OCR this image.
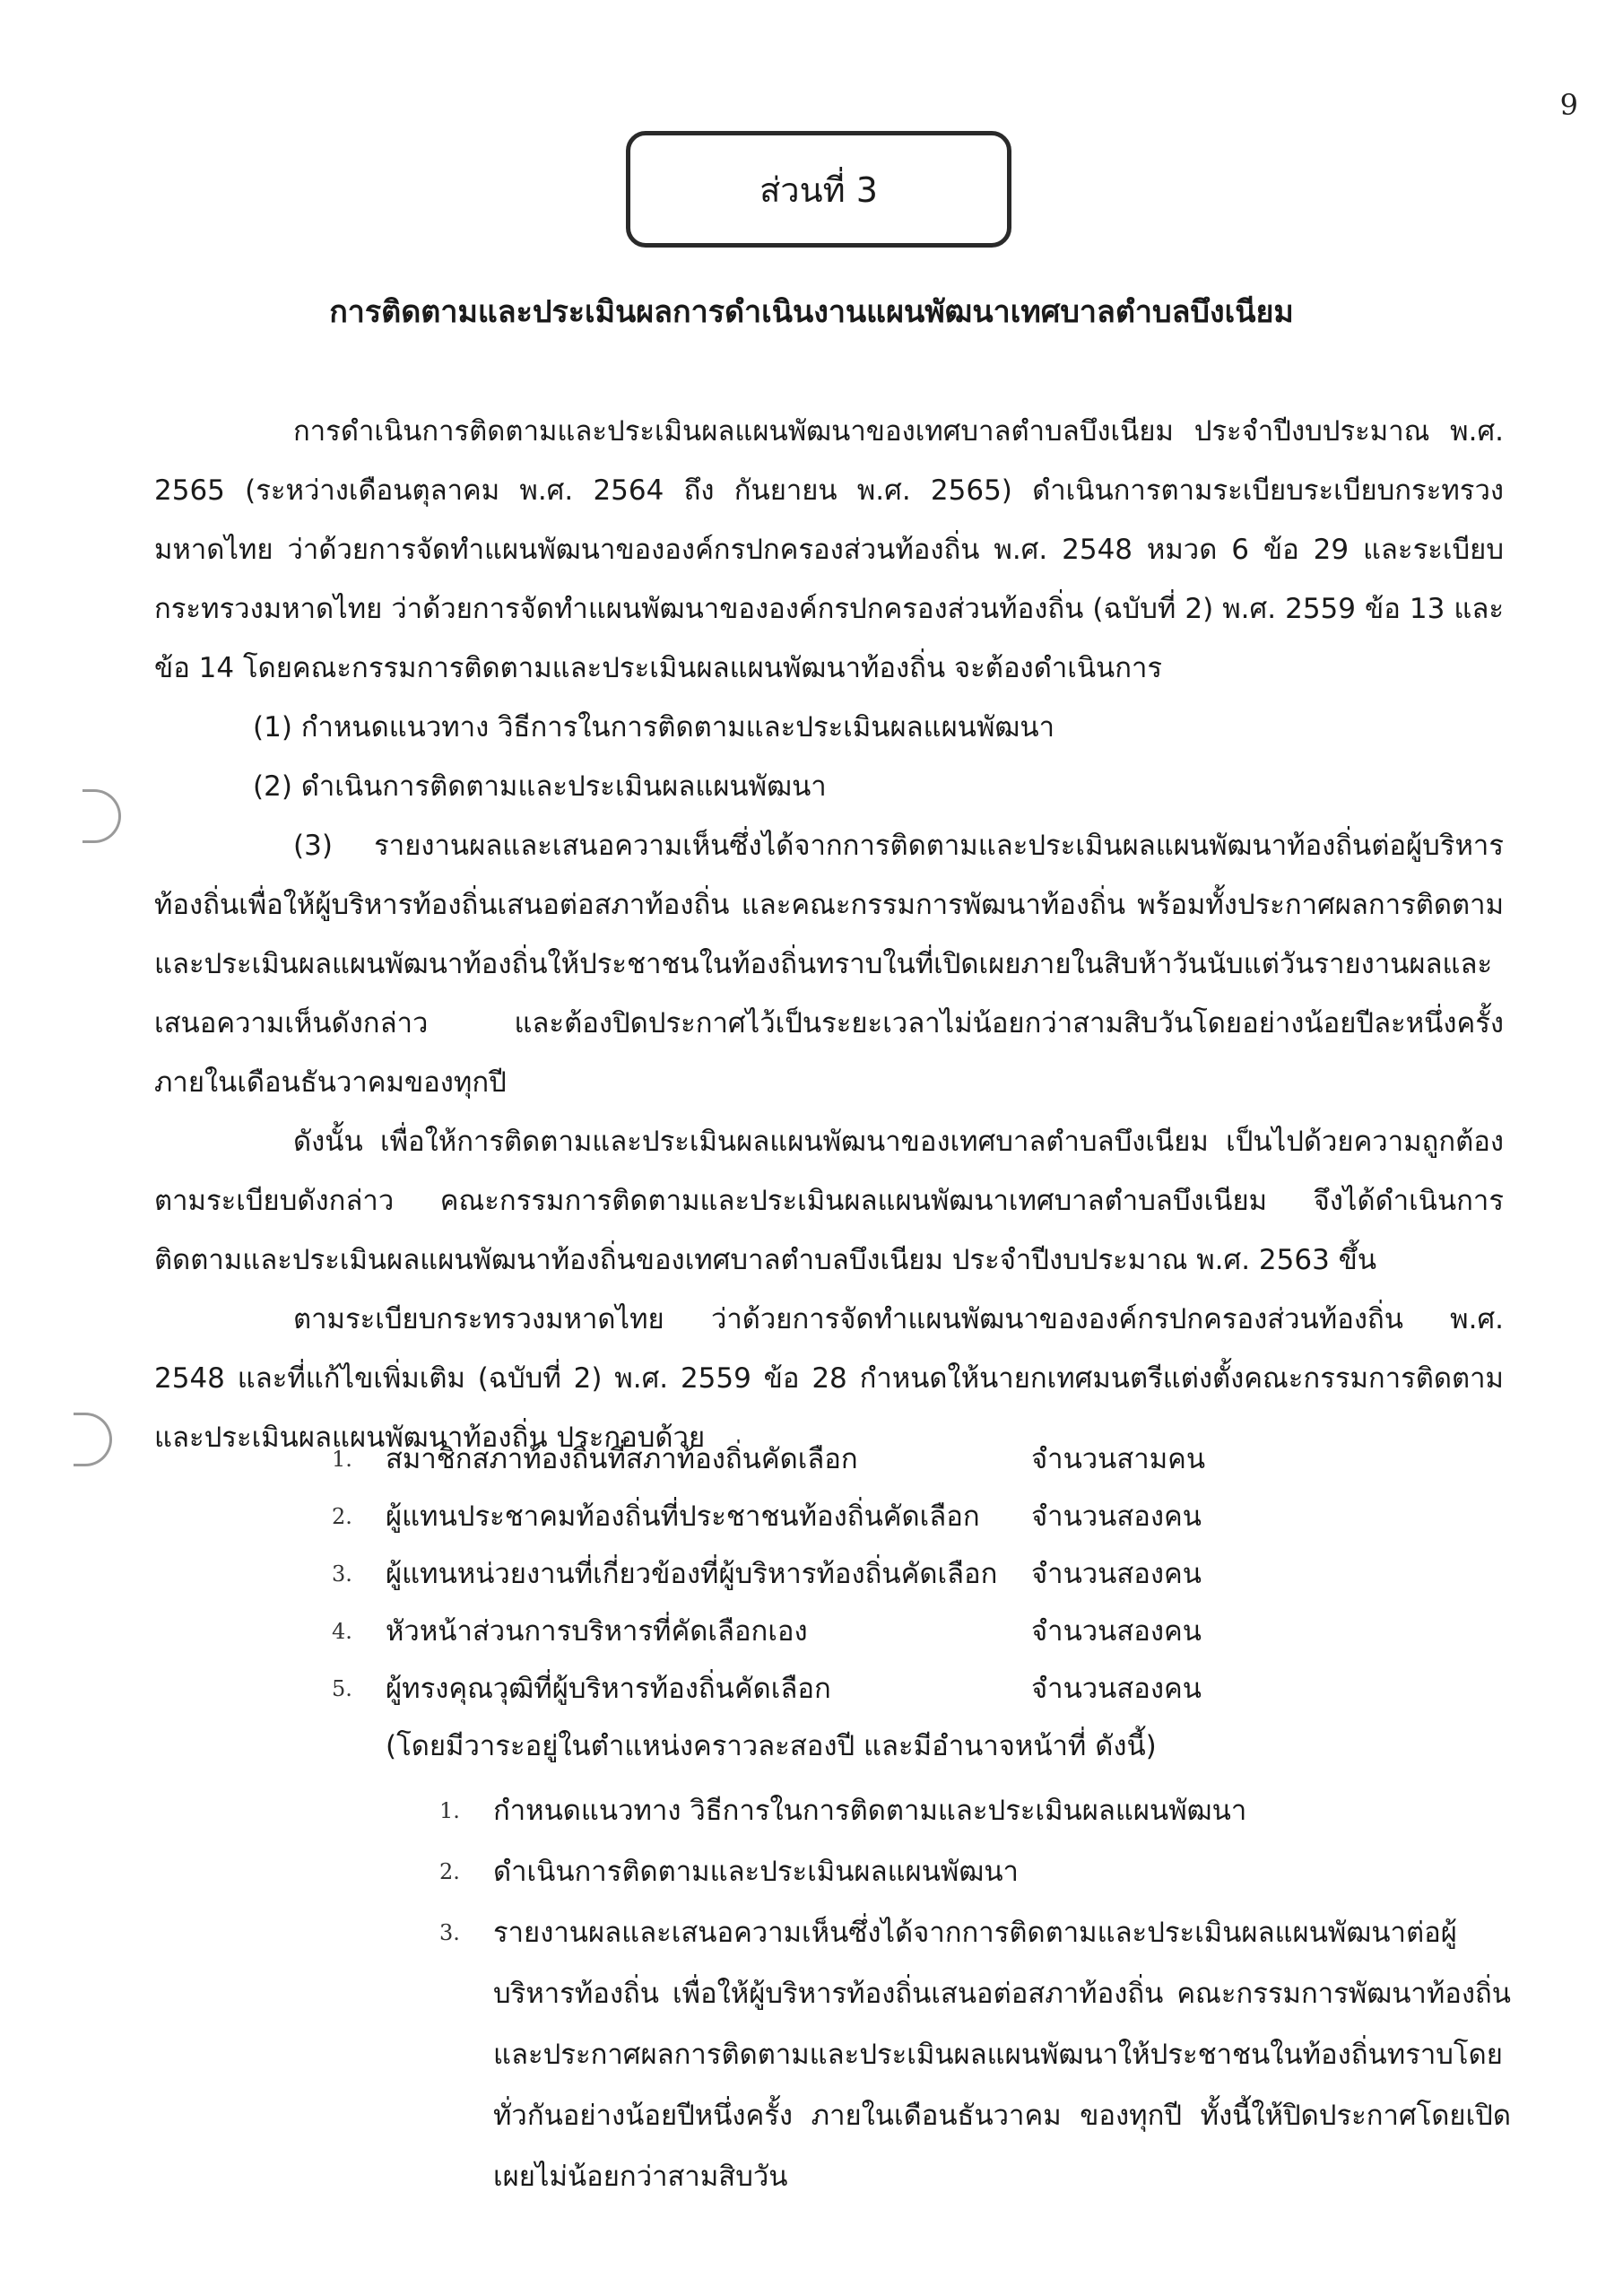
9
ส่วนที่ 3
การติดตามและประเมินผลการดำเนินงานแผนพัฒนาเทศบาลตำบลบึงเนียม

การดำเนินการติดตามและประเมินผลแผนพัฒนาของเทศบาลตำบลบึงเนียม ประจำปีงบประมาณ พ.ศ. 2565 (ระหว่างเดือนตุลาคม พ.ศ. 2564 ถึง กันยายน พ.ศ. 2565) ดำเนินการตามระเบียบระเบียบกระทรวงมหาดไทย ว่าด้วยการจัดทำแผนพัฒนาขององค์กรปกครองส่วนท้องถิ่น พ.ศ. 2548 หมวด 6 ข้อ 29 และระเบียบกระทรวงมหาดไทย ว่าด้วยการจัดทำแผนพัฒนาขององค์กรปกครองส่วนท้องถิ่น (ฉบับที่ 2) พ.ศ. 2559 ข้อ 13 และข้อ 14 โดยคณะกรรมการติดตามและประเมินผลแผนพัฒนาท้องถิ่น จะต้องดำเนินการ

(1) กำหนดแนวทาง วิธีการในการติดตามและประเมินผลแผนพัฒนา

(2) ดำเนินการติดตามและประเมินผลแผนพัฒนา

(3) รายงานผลและเสนอความเห็นซึ่งได้จากการติดตามและประเมินผลแผนพัฒนาท้องถิ่นต่อผู้บริหารท้องถิ่นเพื่อให้ผู้บริหารท้องถิ่นเสนอต่อสภาท้องถิ่น และคณะกรรมการพัฒนาท้องถิ่น พร้อมทั้งประกาศผลการติดตามและประเมินผลแผนพัฒนาท้องถิ่นให้ประชาชนในท้องถิ่นทราบในที่เปิดเผยภายในสิบห้าวันนับแต่วันรายงานผลและเสนอความเห็นดังกล่าว และต้องปิดประกาศไว้เป็นระยะเวลาไม่น้อยกว่าสามสิบวันโดยอย่างน้อยปีละหนึ่งครั้งภายในเดือนธันวาคมของทุกปี

ดังนั้น เพื่อให้การติดตามและประเมินผลแผนพัฒนาของเทศบาลตำบลบึงเนียม เป็นไปด้วยความถูกต้องตามระเบียบดังกล่าว คณะกรรมการติดตามและประเมินผลแผนพัฒนาเทศบาลตำบลบึงเนียม จึงได้ดำเนินการติดตามและประเมินผลแผนพัฒนาท้องถิ่นของเทศบาลตำบลบึงเนียม ประจำปีงบประมาณ พ.ศ. 2563 ขึ้น

ตามระเบียบกระทรวงมหาดไทย ว่าด้วยการจัดทำแผนพัฒนาขององค์กรปกครองส่วนท้องถิ่น พ.ศ. 2548 และที่แก้ไขเพิ่มเติม (ฉบับที่ 2) พ.ศ. 2559 ข้อ 28 กำหนดให้นายกเทศมนตรีแต่งตั้งคณะกรรมการติดตามและประเมินผลแผนพัฒนาท้องถิ่น ประกอบด้วย

1.	สมาชิกสภาท้องถิ่นที่สภาท้องถิ่นคัดเลือก	จำนวนสามคน
2.	ผู้แทนประชาคมท้องถิ่นที่ประชาชนท้องถิ่นคัดเลือก	จำนวนสองคน
3.	ผู้แทนหน่วยงานที่เกี่ยวข้องที่ผู้บริหารท้องถิ่นคัดเลือก	จำนวนสองคน
4.	หัวหน้าส่วนการบริหารที่คัดเลือกเอง	จำนวนสองคน
5.	ผู้ทรงคุณวุฒิที่ผู้บริหารท้องถิ่นคัดเลือก	จำนวนสองคน
(โดยมีวาระอยู่ในตำแหน่งคราวละสองปี และมีอำนาจหน้าที่ ดังนี้)
1.	กำหนดแนวทาง วิธีการในการติดตามและประเมินผลแผนพัฒนา
2.	ดำเนินการติดตามและประเมินผลแผนพัฒนา
3.	รายงานผลและเสนอความเห็นซึ่งได้จากการติดตามและประเมินผลแผนพัฒนาต่อผู้บริหารท้องถิ่น เพื่อให้ผู้บริหารท้องถิ่นเสนอต่อสภาท้องถิ่น คณะกรรมการพัฒนาท้องถิ่น และประกาศผลการติดตามและประเมินผลแผนพัฒนาให้ประชาชนในท้องถิ่นทราบโดยทั่วกันอย่างน้อยปีหนึ่งครั้ง ภายในเดือนธันวาคม ของทุกปี ทั้งนี้ให้ปิดประกาศโดยเปิดเผยไม่น้อยกว่าสามสิบวัน
